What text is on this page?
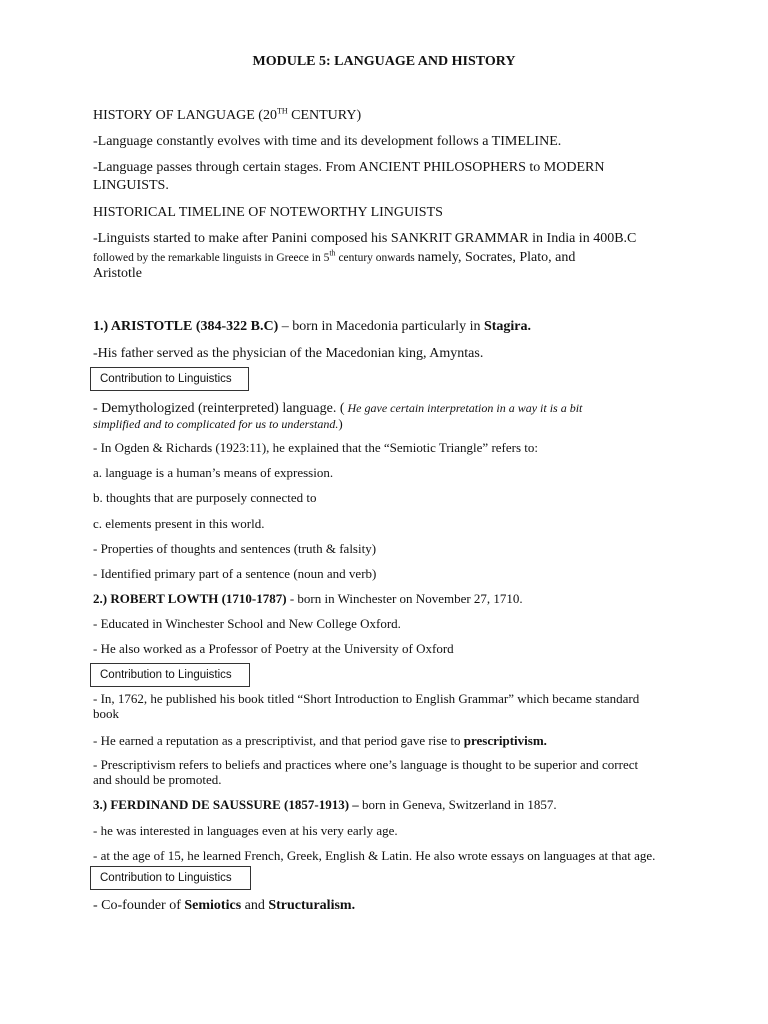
MODULE 5: LANGUAGE AND HISTORY

HISTORY OF LANGUAGE (20TH CENTURY)

-Language constantly evolves with time and its development follows a TIMELINE.

-Language passes through certain stages. From ANCIENT PHILOSOPHERS to MODERN

LINGUISTS.

HISTORICAL TIMELINE OF NOTEWORTHY LINGUISTS

-Linguists started to make after Panini composed his SANKRIT GRAMMAR in India in 400B.C

followed by the remarkable linguists in Greece in 5th century onwards namely, Socrates, Plato, and

Aristotle

1.) ARISTOTLE (384-322 B.C) – born in Macedonia particularly in Stagira.

-His father served as the physician of the Macedonian king, Amyntas.

Contribution to Linguistics

- Demythologized (reinterpreted) language. ( He gave certain interpretation in a way it is a bit

simplified and to complicated for us to understand.)

- In Ogden & Richards (1923:11), he explained that the “Semiotic Triangle” refers to:

a. language is a human’s means of expression.

b. thoughts that are purposely connected to

c. elements present in this world.

- Properties of thoughts and sentences (truth & falsity)

- Identified primary part of a sentence (noun and verb)

2.) ROBERT LOWTH (1710-1787) - born in Winchester on November 27, 1710.

- Educated in Winchester School and New College Oxford.

- He also worked as a Professor of Poetry at the University of Oxford

Contribution to Linguistics

- In, 1762, he published his book titled “Short Introduction to English Grammar” which became standard

book

- He earned a reputation as a prescriptivist, and that period gave rise to prescriptivism.

- Prescriptivism refers to beliefs and practices where one’s language is thought to be superior and correct

and should be promoted.

3.) FERDINAND DE SAUSSURE (1857-1913) – born in Geneva, Switzerland in 1857.

- he was interested in languages even at his very early age.

- at the age of 15, he learned French, Greek, English & Latin. He also wrote essays on languages at that age.

Contribution to Linguistics

- Co-founder of Semiotics and Structuralism.
